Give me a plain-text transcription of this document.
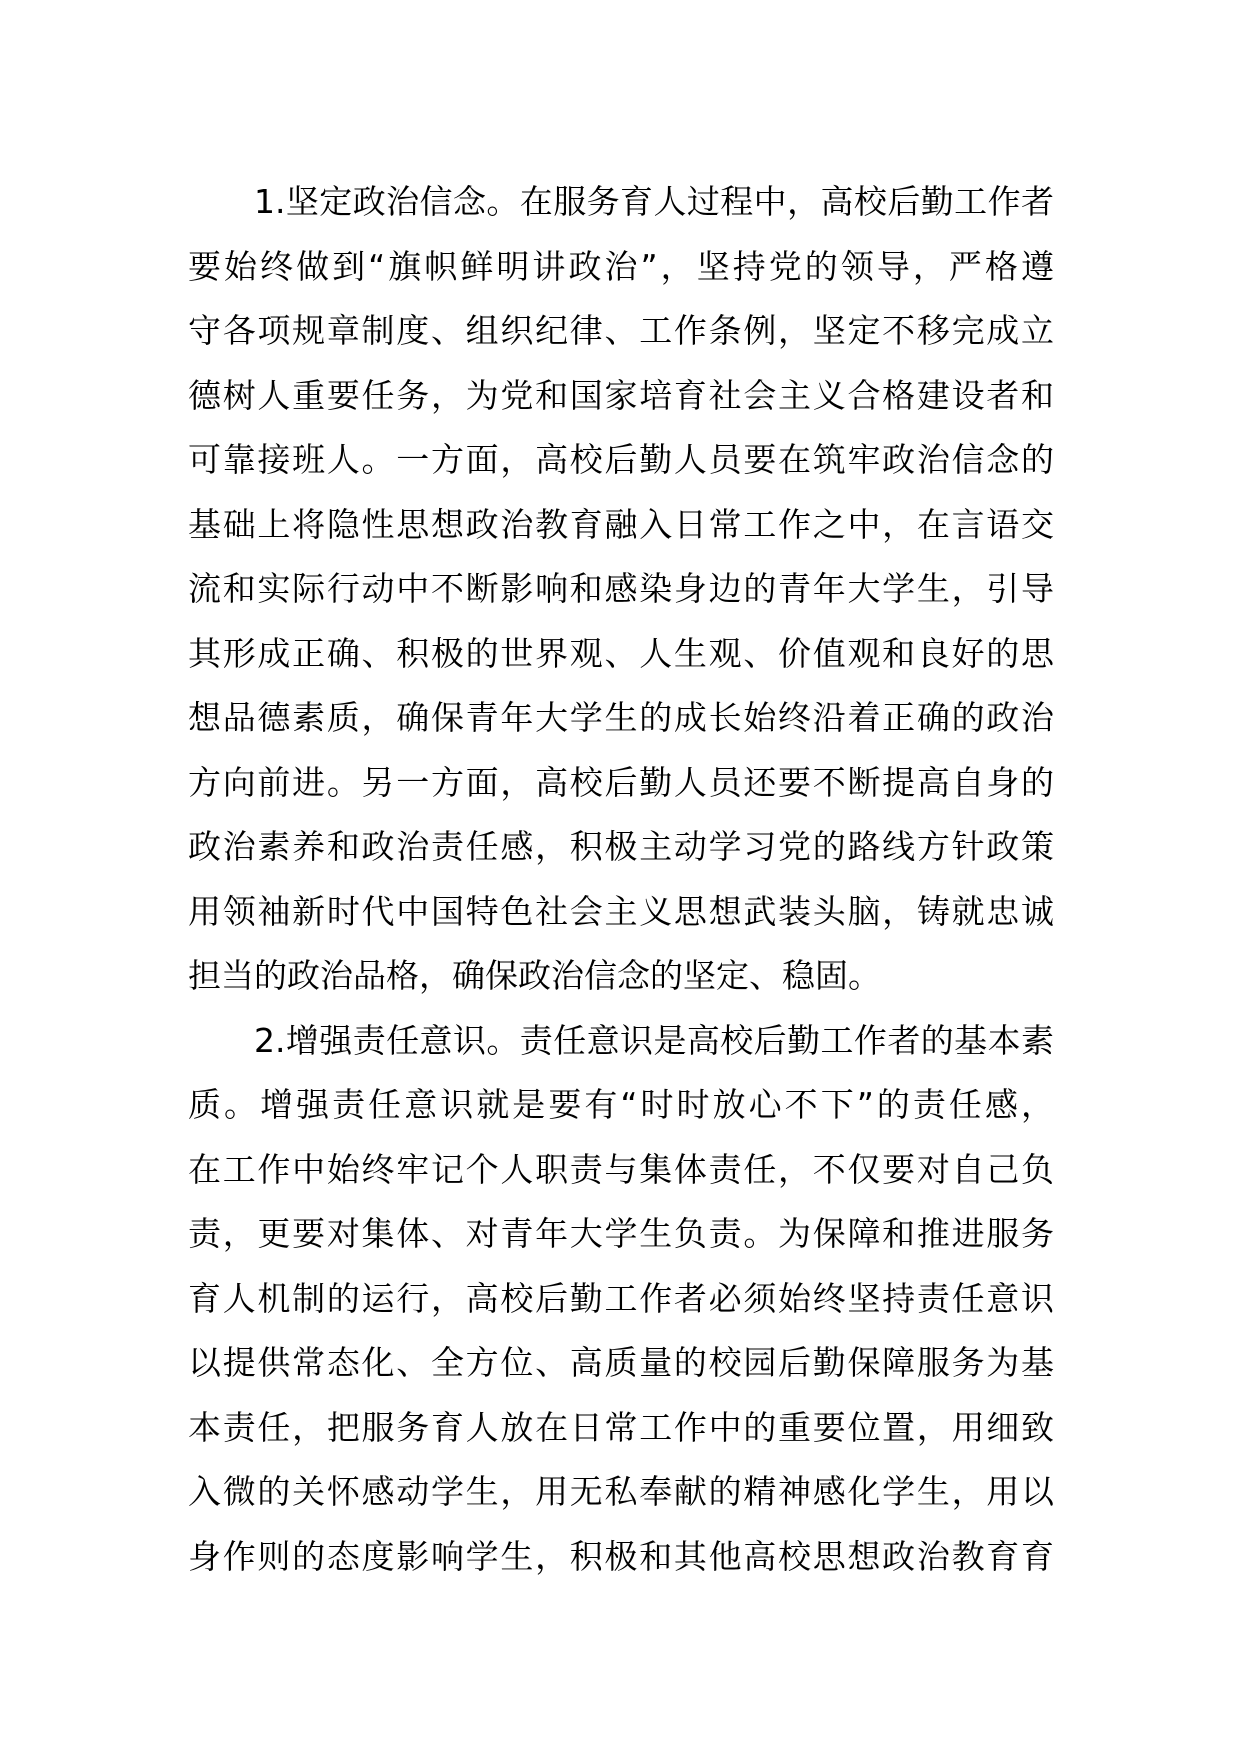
1.坚定政治信念。在服务育人过程中，高校后勤工作者
要始终做到“旗帜鲜明讲政治”，坚持党的领导，严格遵
守各项规章制度、组织纪律、工作条例，坚定不移完成立
德树人重要任务，为党和国家培育社会主义合格建设者和
可靠接班人。一方面，高校后勤人员要在筑牢政治信念的
基础上将隐性思想政治教育融入日常工作之中，在言语交
流和实际行动中不断影响和感染身边的青年大学生，引导
其形成正确、积极的世界观、人生观、价值观和良好的思
想品德素质，确保青年大学生的成长始终沿着正确的政治
方向前进。另一方面，高校后勤人员还要不断提高自身的
政治素养和政治责任感，积极主动学习党的路线方针政策
用领袖新时代中国特色社会主义思想武装头脑，铸就忠诚
担当的政治品格，确保政治信念的坚定、稳固。
2.增强责任意识。责任意识是高校后勤工作者的基本素
质。增强责任意识就是要有“时时放心不下”的责任感，
在工作中始终牢记个人职责与集体责任，不仅要对自己负
责，更要对集体、对青年大学生负责。为保障和推进服务
育人机制的运行，高校后勤工作者必须始终坚持责任意识
以提供常态化、全方位、高质量的校园后勤保障服务为基
本责任，把服务育人放在日常工作中的重要位置，用细致
入微的关怀感动学生，用无私奉献的精神感化学生，用以
身作则的态度影响学生，积极和其他高校思想政治教育育
